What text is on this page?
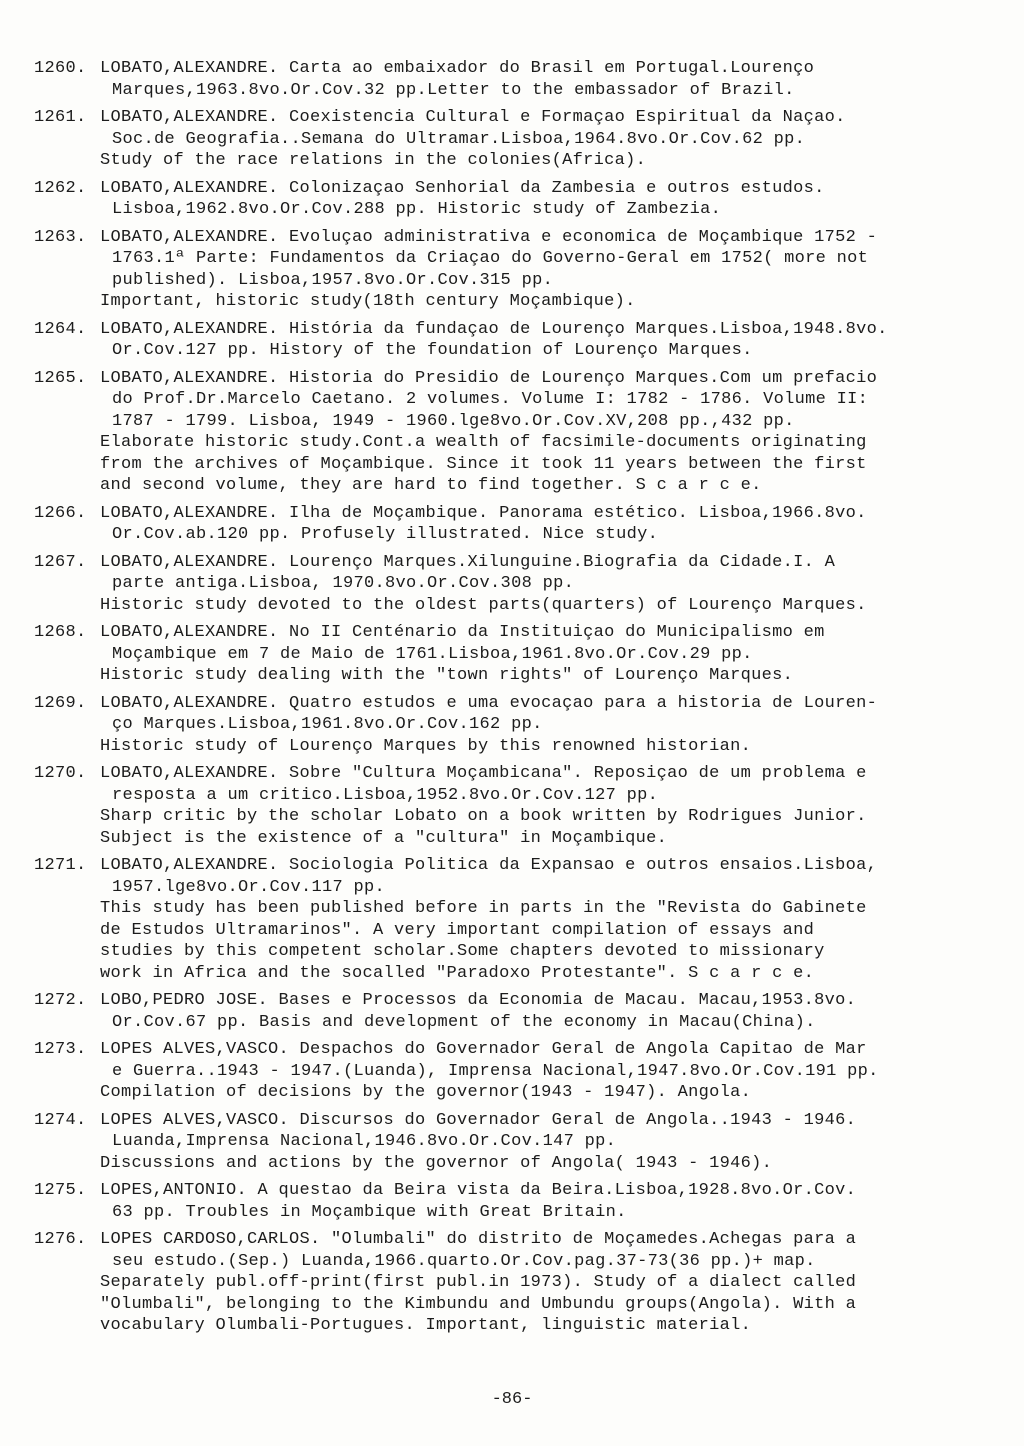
1260. LOBATO,ALEXANDRE. Carta ao embaixador do Brasil em Portugal.Lourenço
Marques,1963.8vo.Or.Cov.32 pp.Letter to the embassador of Brazil.
1261. LOBATO,ALEXANDRE. Coexistencia Cultural e Formaçao Espiritual da Naçao.
Soc.de Geografia..Semana do Ultramar.Lisboa,1964.8vo.Or.Cov.62 pp.
Study of the race relations in the colonies(Africa).
1262. LOBATO,ALEXANDRE. Colonizaçao Senhorial da Zambesia e outros estudos.
Lisboa,1962.8vo.Or.Cov.288 pp. Historic study of Zambezia.
1263. LOBATO,ALEXANDRE. Evoluçao administrativa e economica de Moçambique 1752 -
1763.1ª Parte: Fundamentos da Criaçao do Governo-Geral em 1752( more not
published). Lisboa,1957.8vo.Or.Cov.315 pp.
Important, historic study(18th century Moçambique).
1264. LOBATO,ALEXANDRE. História da fundaçao de Lourenço Marques.Lisboa,1948.8vo.
Or.Cov.127 pp. History of the foundation of Lourenço Marques.
1265. LOBATO,ALEXANDRE. Historia do Presidio de Lourenço Marques.Com um prefacio
do Prof.Dr.Marcelo Caetano. 2 volumes. Volume I: 1782 - 1786. Volume II:
1787 - 1799. Lisboa, 1949 - 1960.lge8vo.Or.Cov.XV,208 pp.,432 pp.
Elaborate historic study.Cont.a wealth of facsimile-documents originating
from the archives of Moçambique. Since it took 11 years between the first
and second volume, they are hard to find together. S c a r c e.
1266. LOBATO,ALEXANDRE. Ilha de Moçambique. Panorama estético. Lisboa,1966.8vo.
Or.Cov.ab.120 pp. Profusely illustrated. Nice study.
1267. LOBATO,ALEXANDRE. Lourenço Marques.Xilunguine.Biografia da Cidade.I. A
parte antiga.Lisboa, 1970.8vo.Or.Cov.308 pp.
Historic study devoted to the oldest parts(quarters) of Lourenço Marques.
1268. LOBATO,ALEXANDRE. No II Centénario da Instituiçao do Municipalismo em
Moçambique em 7 de Maio de 1761.Lisboa,1961.8vo.Or.Cov.29 pp.
Historic study dealing with the "town rights" of Lourenço Marques.
1269. LOBATO,ALEXANDRE. Quatro estudos e uma evocaçao para a historia de Louren-
ço Marques.Lisboa,1961.8vo.Or.Cov.162 pp.
Historic study of Lourenço Marques by this renowned historian.
1270. LOBATO,ALEXANDRE. Sobre "Cultura Moçambicana". Reposiçao de um problema e
resposta a um critico.Lisboa,1952.8vo.Or.Cov.127 pp.
Sharp critic by the scholar Lobato on a book written by Rodrigues Junior.
Subject is the existence of a "cultura" in Moçambique.
1271. LOBATO,ALEXANDRE. Sociologia Politica da Expansao e outros ensaios.Lisboa,
1957.lge8vo.Or.Cov.117 pp.
This study has been published before in parts in the "Revista do Gabinete
de Estudos Ultramarinos". A very important compilation of essays and
studies by this competent scholar.Some chapters devoted to missionary
work in Africa and the socalled "Paradoxo Protestante". S c a r c e.
1272. LOBO,PEDRO JOSE. Bases e Processos da Economia de Macau. Macau,1953.8vo.
Or.Cov.67 pp. Basis and development of the economy in Macau(China).
1273. LOPES ALVES,VASCO. Despachos do Governador Geral de Angola Capitao de Mar
e Guerra..1943 - 1947.(Luanda), Imprensa Nacional,1947.8vo.Or.Cov.191 pp.
Compilation of decisions by the governor(1943 - 1947). Angola.
1274. LOPES ALVES,VASCO. Discursos do Governador Geral de Angola..1943 - 1946.
Luanda,Imprensa Nacional,1946.8vo.Or.Cov.147 pp.
Discussions and actions by the governor of Angola( 1943 - 1946).
1275. LOPES,ANTONIO. A questao da Beira vista da Beira.Lisboa,1928.8vo.Or.Cov.
63 pp. Troubles in Moçambique with Great Britain.
1276. LOPES CARDOSO,CARLOS. "Olumbali" do distrito de Moçamedes.Achegas para a
seu estudo.(Sep.) Luanda,1966.quarto.Or.Cov.pag.37-73(36 pp.)+ map.
Separately publ.off-print(first publ.in 1973). Study of a dialect called
"Olumbali", belonging to the Kimbundu and Umbundu groups(Angola). With a
vocabulary Olumbali-Portugues. Important, linguistic material.
-86-
